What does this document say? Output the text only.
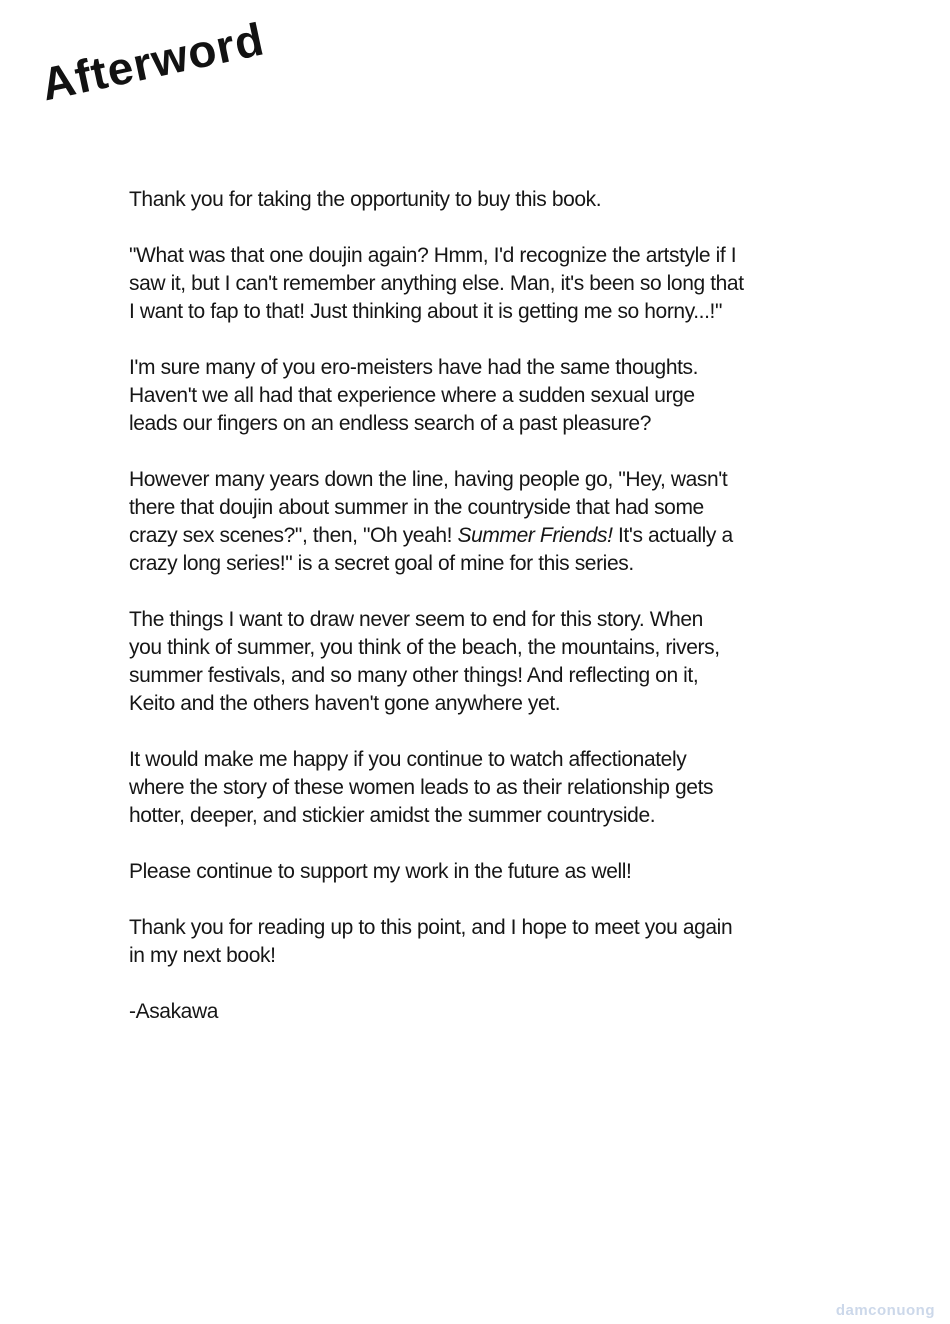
Afterword

Thank you for taking the opportunity to buy this book.

"What was that one doujin again? Hmm, I'd recognize the artstyle if I
saw it, but I can't remember anything else. Man, it's been so long that
I want to fap to that! Just thinking about it is getting me so horny...!"

I'm sure many of you ero-meisters have had the same thoughts.
Haven't we all had that experience where a sudden sexual urge
leads our fingers on an endless search of a past pleasure?

However many years down the line, having people go, "Hey, wasn't
there that doujin about summer in the countryside that had some
crazy sex scenes?", then, "Oh yeah! Summer Friends! It's actually a
crazy long series!" is a secret goal of mine for this series.

The things I want to draw never seem to end for this story. When
you think of summer, you think of the beach, the mountains, rivers,
summer festivals, and so many other things! And reflecting on it,
Keito and the others haven't gone anywhere yet.

It would make me happy if you continue to watch affectionately
where the story of these women leads to as their relationship gets
hotter, deeper, and stickier amidst the summer countryside.

Please continue to support my work in the future as well!

Thank you for reading up to this point, and I hope to meet you again
in my next book!

-Asakawa

damconuong
